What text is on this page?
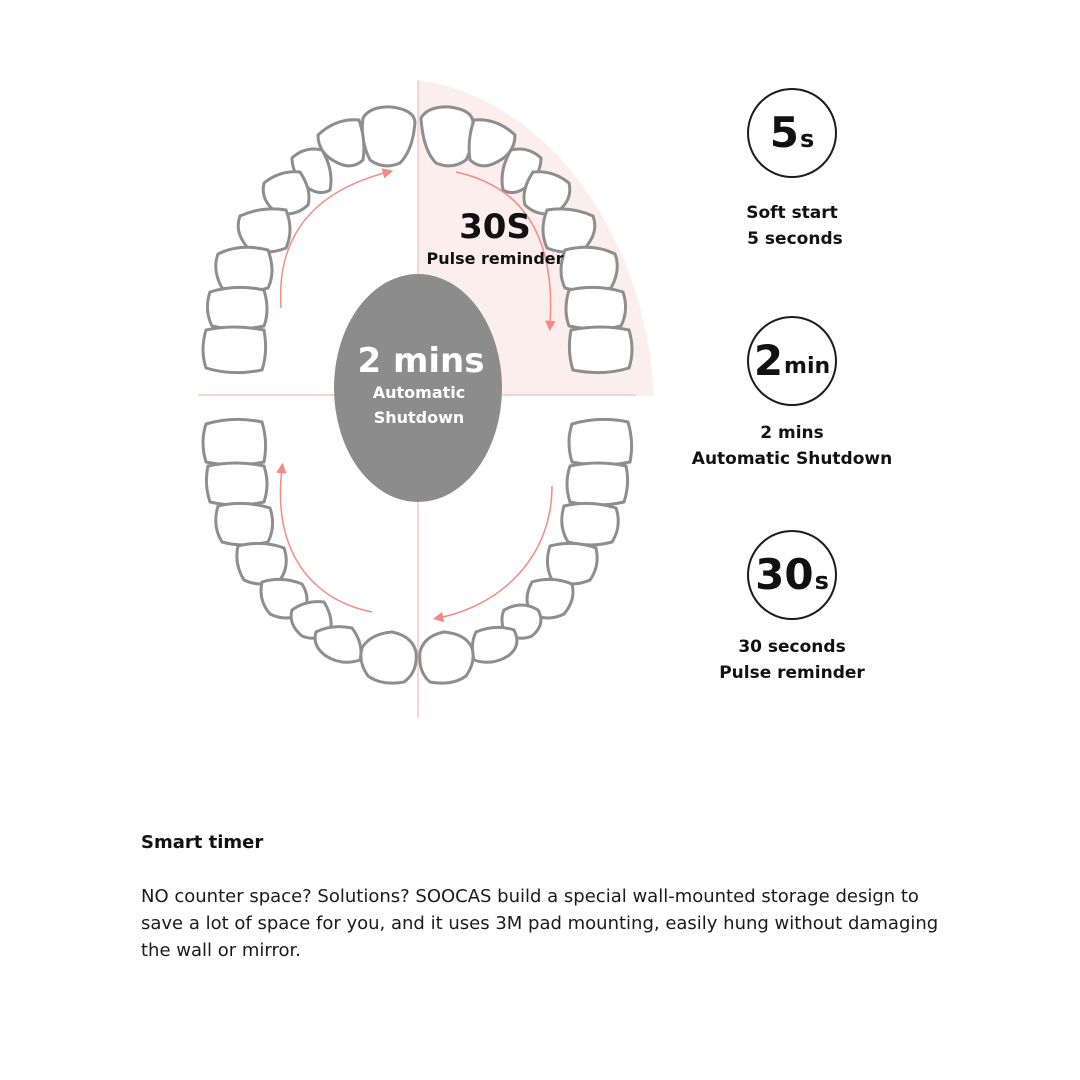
30S
Pulse reminder
2 mins
Automatic
Shutdown
5 s
Soft start
5 seconds
2 min
2 mins
Automatic Shutdown
30 s
30 seconds
Pulse reminder

Smart timer

NO counter space? Solutions? SOOCAS build a special wall-mounted storage design to save a lot of space for you, and it uses 3M pad mounting, easily hung without damaging the wall or mirror.
